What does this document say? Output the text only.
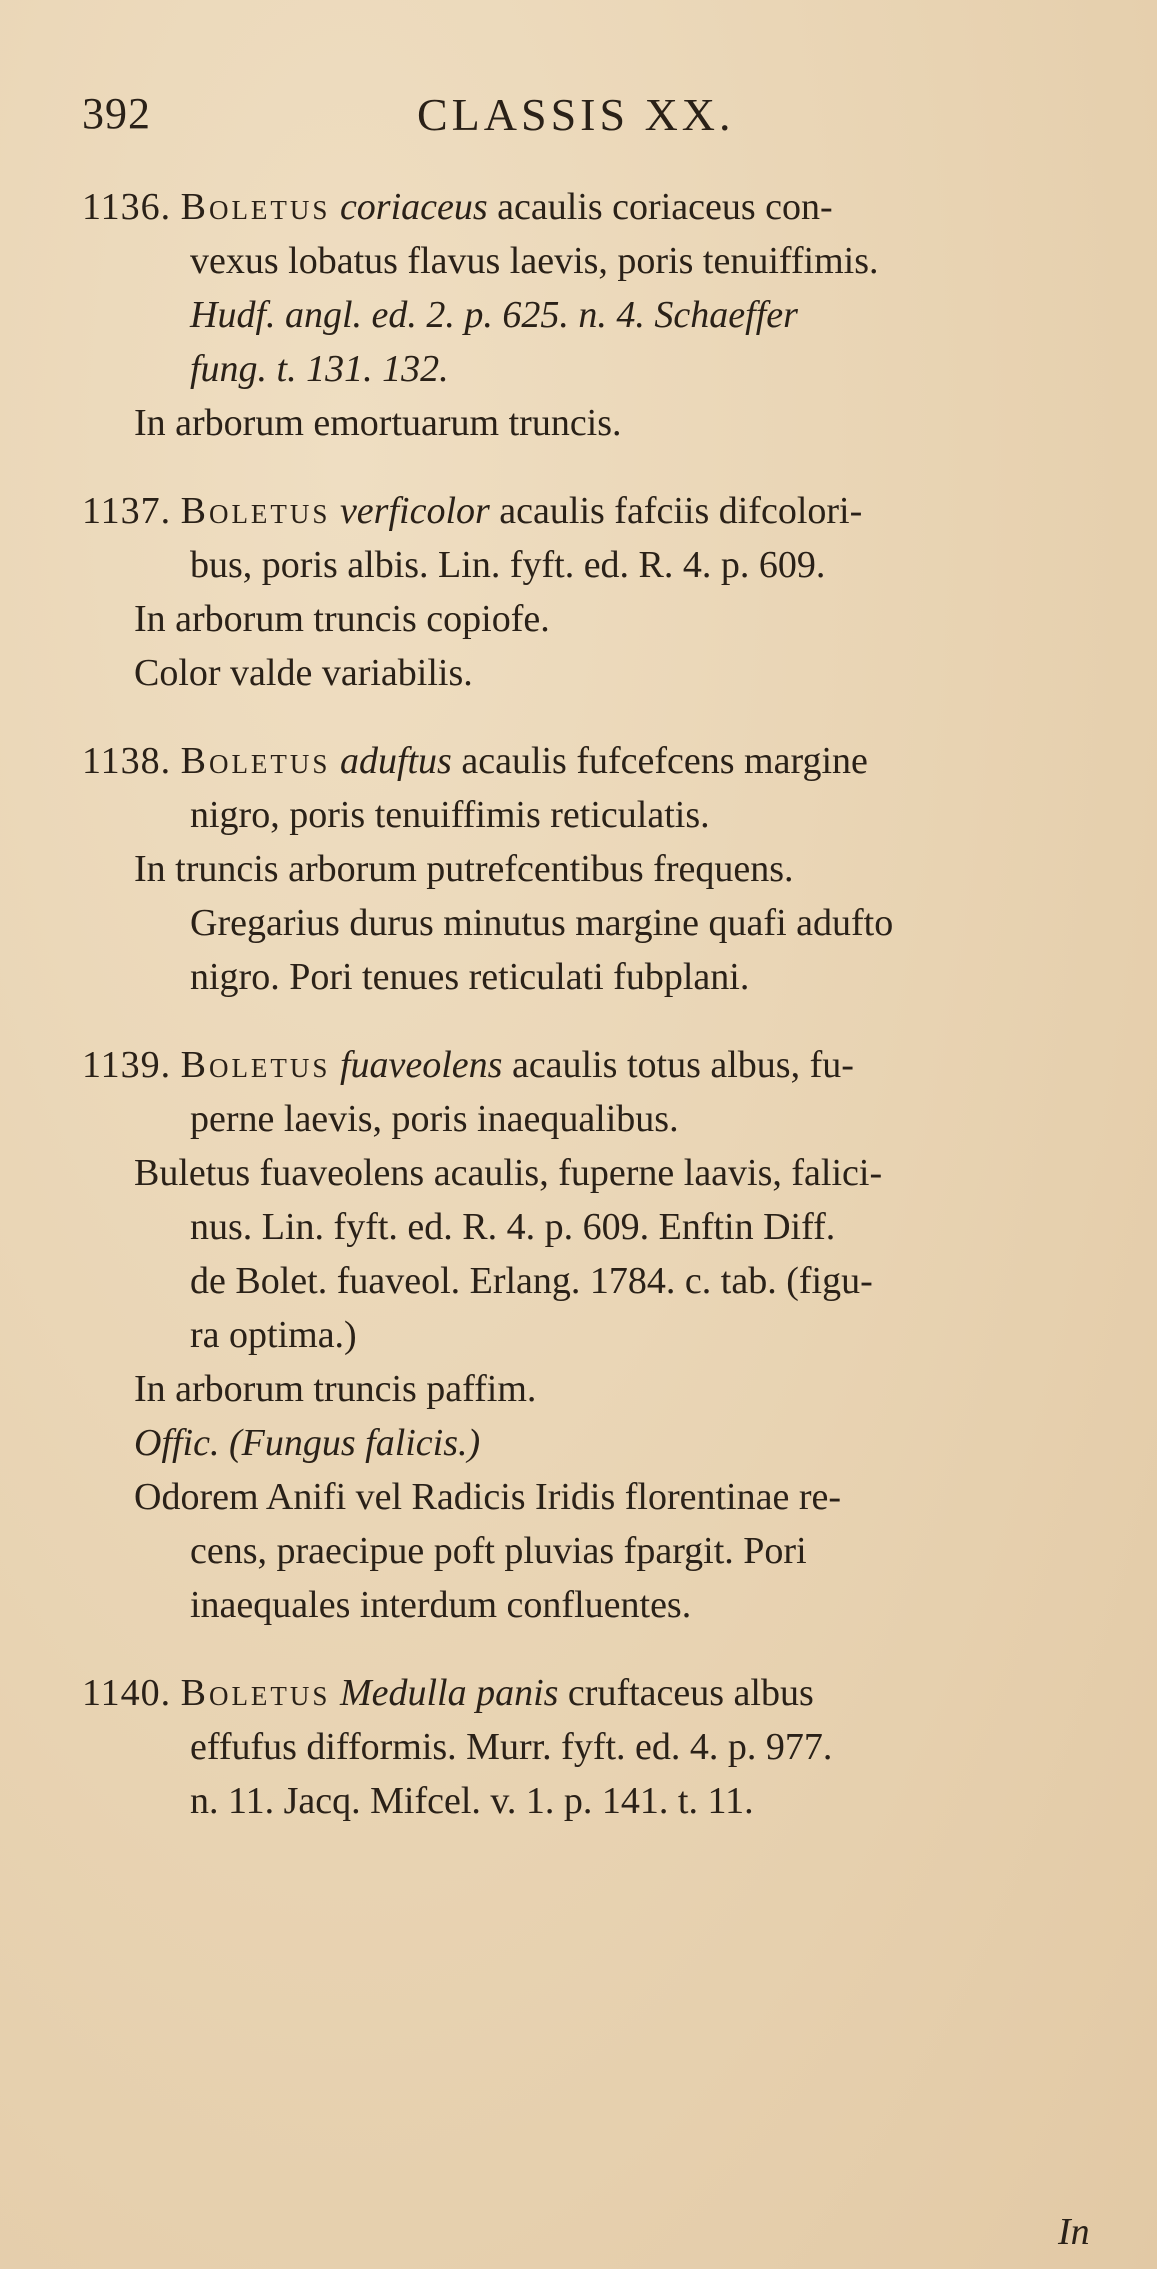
392	CLASSIS XX.
1136. Boletus coriaceus acaulis coriaceus con-
vexus lobatus flavus laevis, poris tenuiffimis.
Hudf. angl. ed. 2. p. 625. n. 4. Schaeffer
fung. t. 131. 132.
In arborum emortuarum truncis.
1137. Boletus verficolor acaulis fafciis difcolori-
bus, poris albis. Lin. fyft. ed. R. 4. p. 609.
In arborum truncis copiofe.
Color valde variabilis.
1138. Boletus aduftus acaulis fufcefcens margine
nigro, poris tenuiffimis reticulatis.
In truncis arborum putrefcentibus frequens.
Gregarius durus minutus margine quafi adufto
nigro. Pori tenues reticulati fubplani.
1139. Boletus fuaveolens acaulis totus albus, fu-
perne laevis, poris inaequalibus.
Buletus fuaveolens acaulis, fuperne laavis, falici-
nus. Lin. fyft. ed. R. 4. p. 609. Enftin Diff.
de Bolet. fuaveol. Erlang. 1784. c. tab. (figu-
ra optima.)
In arborum truncis paffim.
Offic. (Fungus falicis.)
Odorem Anifi vel Radicis Iridis florentinae re-
cens, praecipue poft pluvias fpargit. Pori
inaequales interdum confluentes.
1140. Boletus Medulla panis cruftaceus albus
effufus difformis. Murr. fyft. ed. 4. p. 977.
n. 11. Jacq. Mifcel. v. 1. p. 141. t. 11.
In
